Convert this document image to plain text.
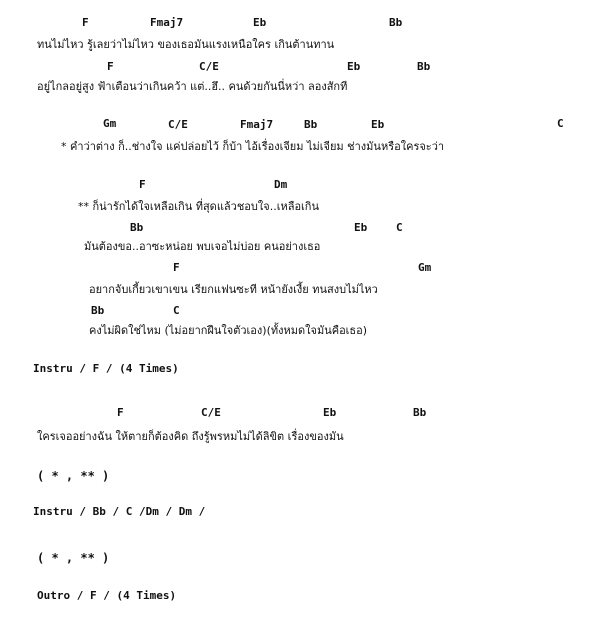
F	Fmaj7	Eb	Bb
ทนไม่ไหว รู้เลยว่าไม่ไหว ของเธอมันแรงเหนือใคร เกินต้านทาน
F	C/E	Eb	Bb
อยู่ไกลอยู่สูง ฟ้าเตือนว่าเกินคว้า แต่..ฮึ.. คนด้วยกันนี่หว่า ลองสักที
Gm	C/E	Fmaj7	Bb	Eb	C
* คำว่าต่าง ก็..ช่างใจ แค่ปล่อยไว้ ก็บ้า ไอ้เรื่องเจียม ไม่เจียม ช่างมันหรือใครจะว่า
F	Dm
** ก็น่ารักได้ใจเหลือเกิน ที่สุดแล้วชอบใจ..เหลือเกิน
Bb	Eb	C
มันต้องขอ..อาซะหน่อย พบเจอไม่บ่อย คนอย่างเธอ
F	Gm
อยากจับเกี้ยวเขาเขน เรียกแฟนซะที หน้ายังเงี้ย ทนสงบไม่ไหว
Bb	C
คงไม่ผิดใช่ไหม (ไม่อยากฝืนใจตัวเอง)(ทั้งหมดใจมันคือเธอ)
Instru / F / (4 Times)
F	C/E	Eb	Bb
ใครเจออย่างฉัน ให้ตายก็ต้องคิด ถึงรู้พรหมไม่ได้ลิขิต เรื่องของมัน
( * , ** )
Instru / Bb / C /Dm / Dm /
( * , ** )
Outro / F / (4 Times)
